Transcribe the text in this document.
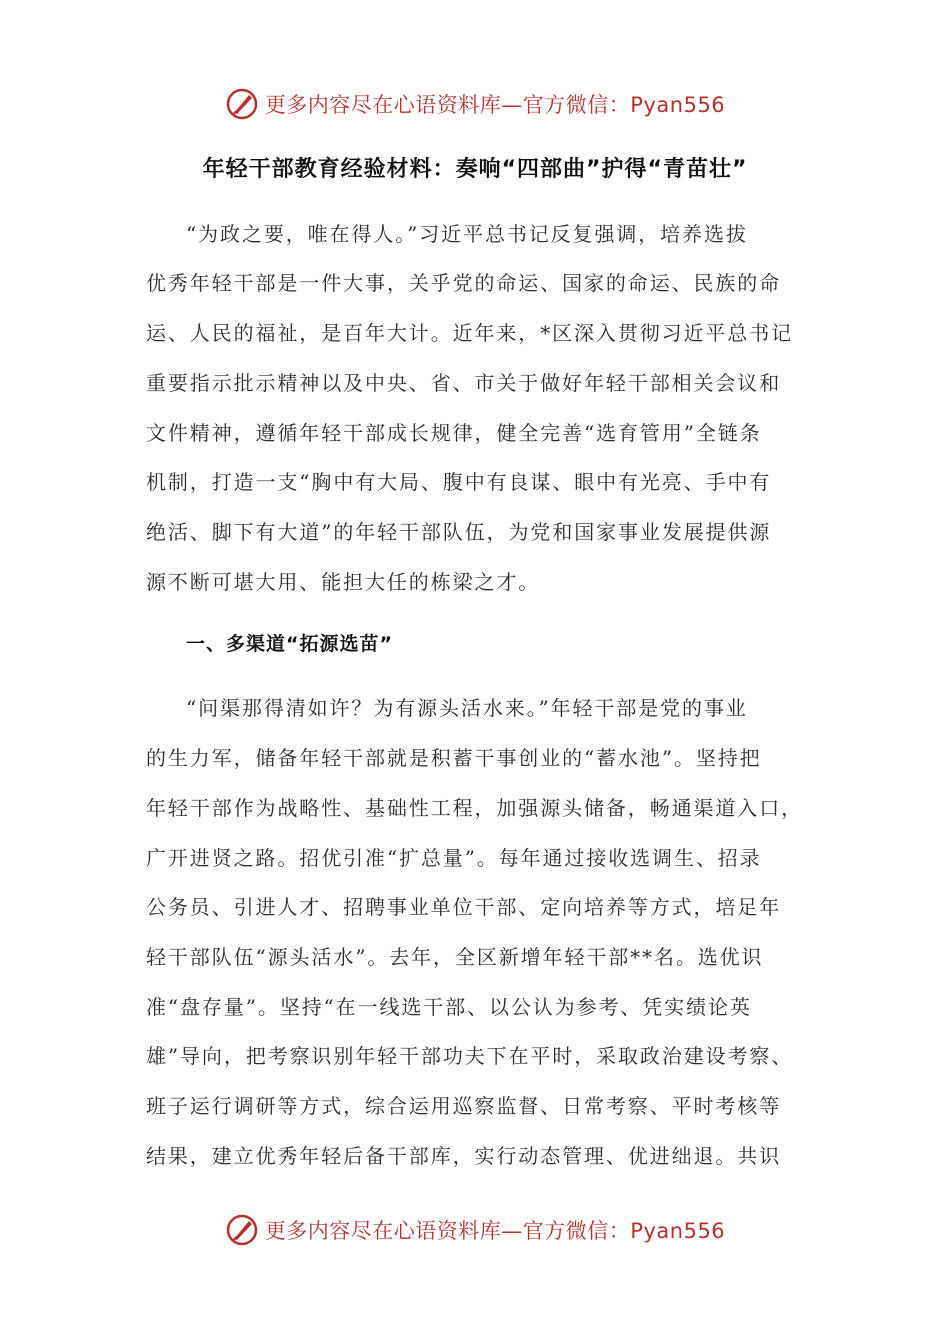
更多内容尽在心语资料库—官方微信：Pyan556
年轻干部教育经验材料：奏响“四部曲”护得“青苗壮”
“为政之要，唯在得人。”习近平总书记反复强调，培养选拔
优秀年轻干部是一件大事，关乎党的命运、国家的命运、民族的命
运、人民的福祉，是百年大计。近年来，*区深入贯彻习近平总书记
重要指示批示精神以及中央、省、市关于做好年轻干部相关会议和
文件精神，遵循年轻干部成长规律，健全完善“选育管用”全链条
机制，打造一支“胸中有大局、腹中有良谋、眼中有光亮、手中有
绝活、脚下有大道”的年轻干部队伍，为党和国家事业发展提供源
源不断可堪大用、能担大任的栋梁之才。
一、多渠道“拓源选苗”
“问渠那得清如许？为有源头活水来。”年轻干部是党的事业
的生力军，储备年轻干部就是积蓄干事创业的“蓄水池”。坚持把
年轻干部作为战略性、基础性工程，加强源头储备，畅通渠道入口，
广开进贤之路。招优引准“扩总量”。每年通过接收选调生、招录
公务员、引进人才、招聘事业单位干部、定向培养等方式，培足年
轻干部队伍“源头活水”。去年，全区新增年轻干部**名。选优识
准“盘存量”。坚持“在一线选干部、以公认为参考、凭实绩论英
雄”导向，把考察识别年轻干部功夫下在平时，采取政治建设考察、
班子运行调研等方式，综合运用巡察监督、日常考察、平时考核等
结果，建立优秀年轻后备干部库，实行动态管理、优进绌退。共识
更多内容尽在心语资料库—官方微信：Pyan556
